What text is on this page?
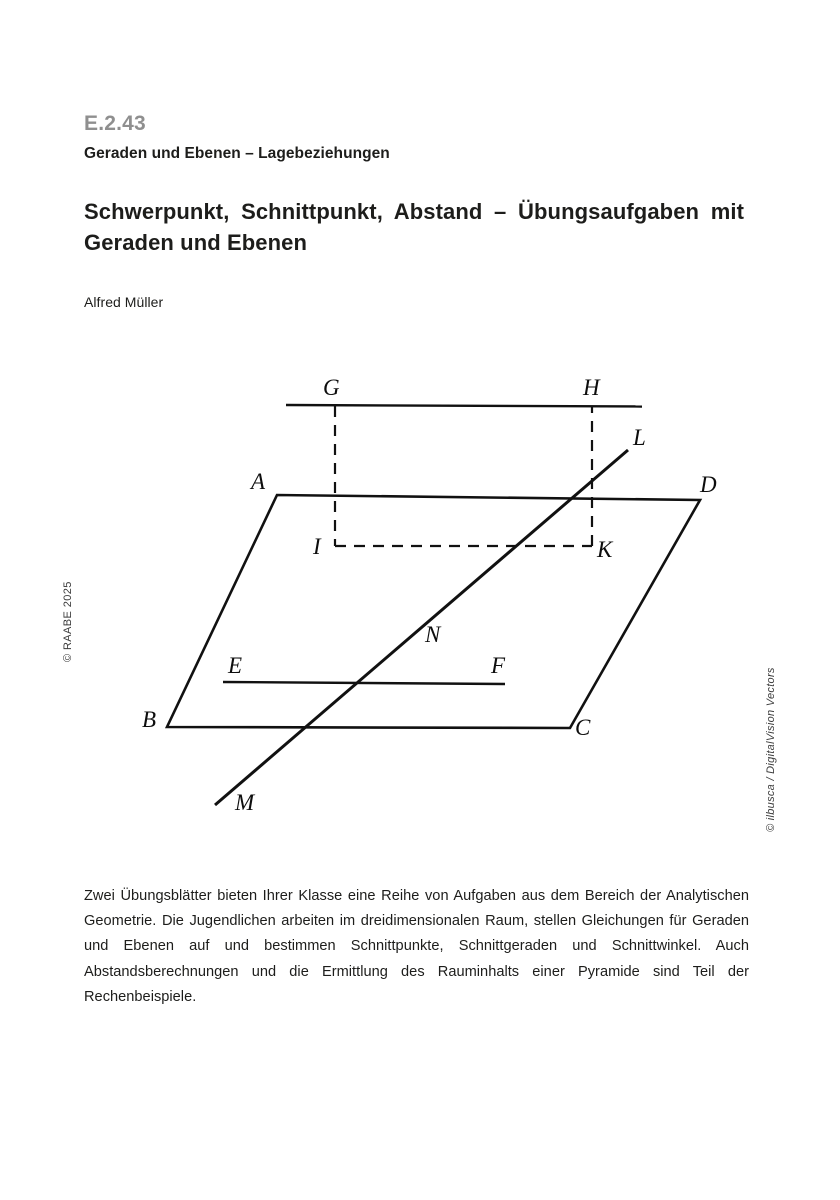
E.2.43
Geraden und Ebenen – Lagebeziehungen
Schwerpunkt, Schnittpunkt, Abstand – Übungsaufgaben mit Geraden und Ebenen
Alfred Müller
© RAABE 2025
© ilbusca / DigitalVision Vectors
G	H
A	D
L
I	K
N
E	F
B	C
M
Zwei Übungsblätter bieten Ihrer Klasse eine Reihe von Aufgaben aus dem Bereich der Analytischen Geometrie. Die Jugendlichen arbeiten im dreidimensionalen Raum, stellen Gleichungen für Geraden und Ebenen auf und bestimmen Schnittpunkte, Schnittgeraden und Schnittwinkel. Auch Abstandsberechnungen und die Ermittlung des Rauminhalts einer Pyramide sind Teil der Rechenbeispiele.
